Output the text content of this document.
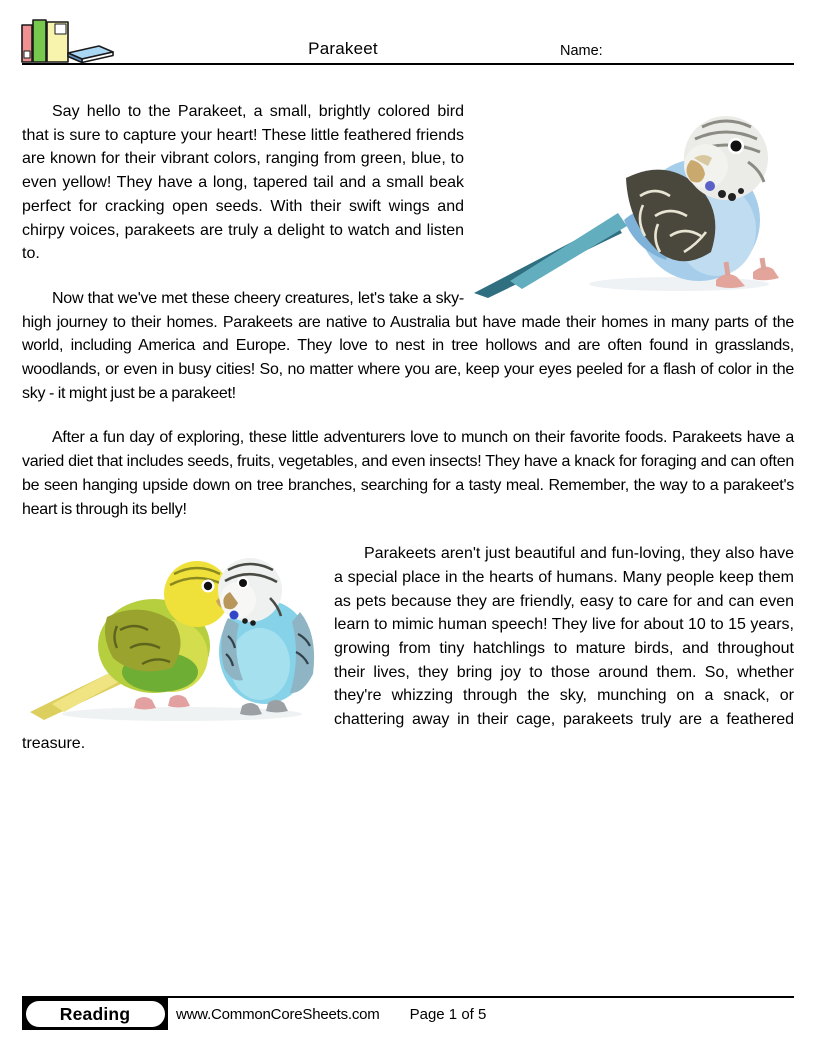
Parakeet	Name:

Say hello to the Parakeet, a small, brightly colored bird that is sure to capture your heart! These little feathered friends are known for their vibrant colors, ranging from green, blue, to even yellow! They have a long, tapered tail and a small beak perfect for cracking open seeds. With their swift wings and chirpy voices, parakeets are truly a delight to watch and listen to.

Now that we've met these cheery creatures, let's take a sky-high journey to their homes. Parakeets are native to Australia but have made their homes in many parts of the world, including America and Europe. They love to nest in tree hollows and are often found in grasslands, woodlands, or even in busy cities! So, no matter where you are, keep your eyes peeled for a flash of color in the sky - it might just be a parakeet!

After a fun day of exploring, these little adventurers love to munch on their favorite foods. Parakeets have a varied diet that includes seeds, fruits, vegetables, and even insects! They have a knack for foraging and can often be seen hanging upside down on tree branches, searching for a tasty meal. Remember, the way to a parakeet's heart is through its belly!

Parakeets aren't just beautiful and fun-loving, they also have a special place in the hearts of humans. Many people keep them as pets because they are friendly, easy to care for and can even learn to mimic human speech! They live for about 10 to 15 years, growing from tiny hatchlings to mature birds, and throughout their lives, they bring joy to those around them. So, whether they're whizzing through the sky, munching on a snack, or chattering away in their cage, parakeets truly are a feathered treasure.

Reading	www.CommonCoreSheets.com Page 1 of 5
